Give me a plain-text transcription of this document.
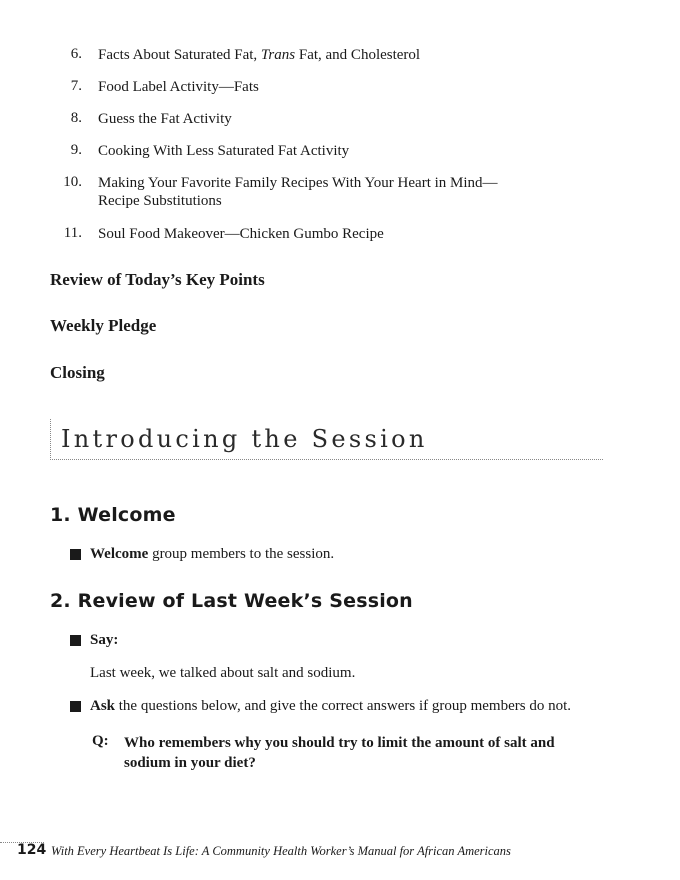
6. Facts About Saturated Fat, Trans Fat, and Cholesterol
7. Food Label Activity—Fats
8. Guess the Fat Activity
9. Cooking With Less Saturated Fat Activity
10. Making Your Favorite Family Recipes With Your Heart in Mind—
Recipe Substitutions
11. Soul Food Makeover—Chicken Gumbo Recipe
Review of Today’s Key Points
Weekly Pledge
Closing
Introducing the Session
1. Welcome
Welcome group members to the session.
2. Review of Last Week’s Session
Say:
Last week, we talked about salt and sodium.
Ask the questions below, and give the correct answers if group members do not.
Q: Who remembers why you should try to limit the amount of salt and
sodium in your diet?
124 With Every Heartbeat Is Life: A Community Health Worker’s Manual for African Americans
